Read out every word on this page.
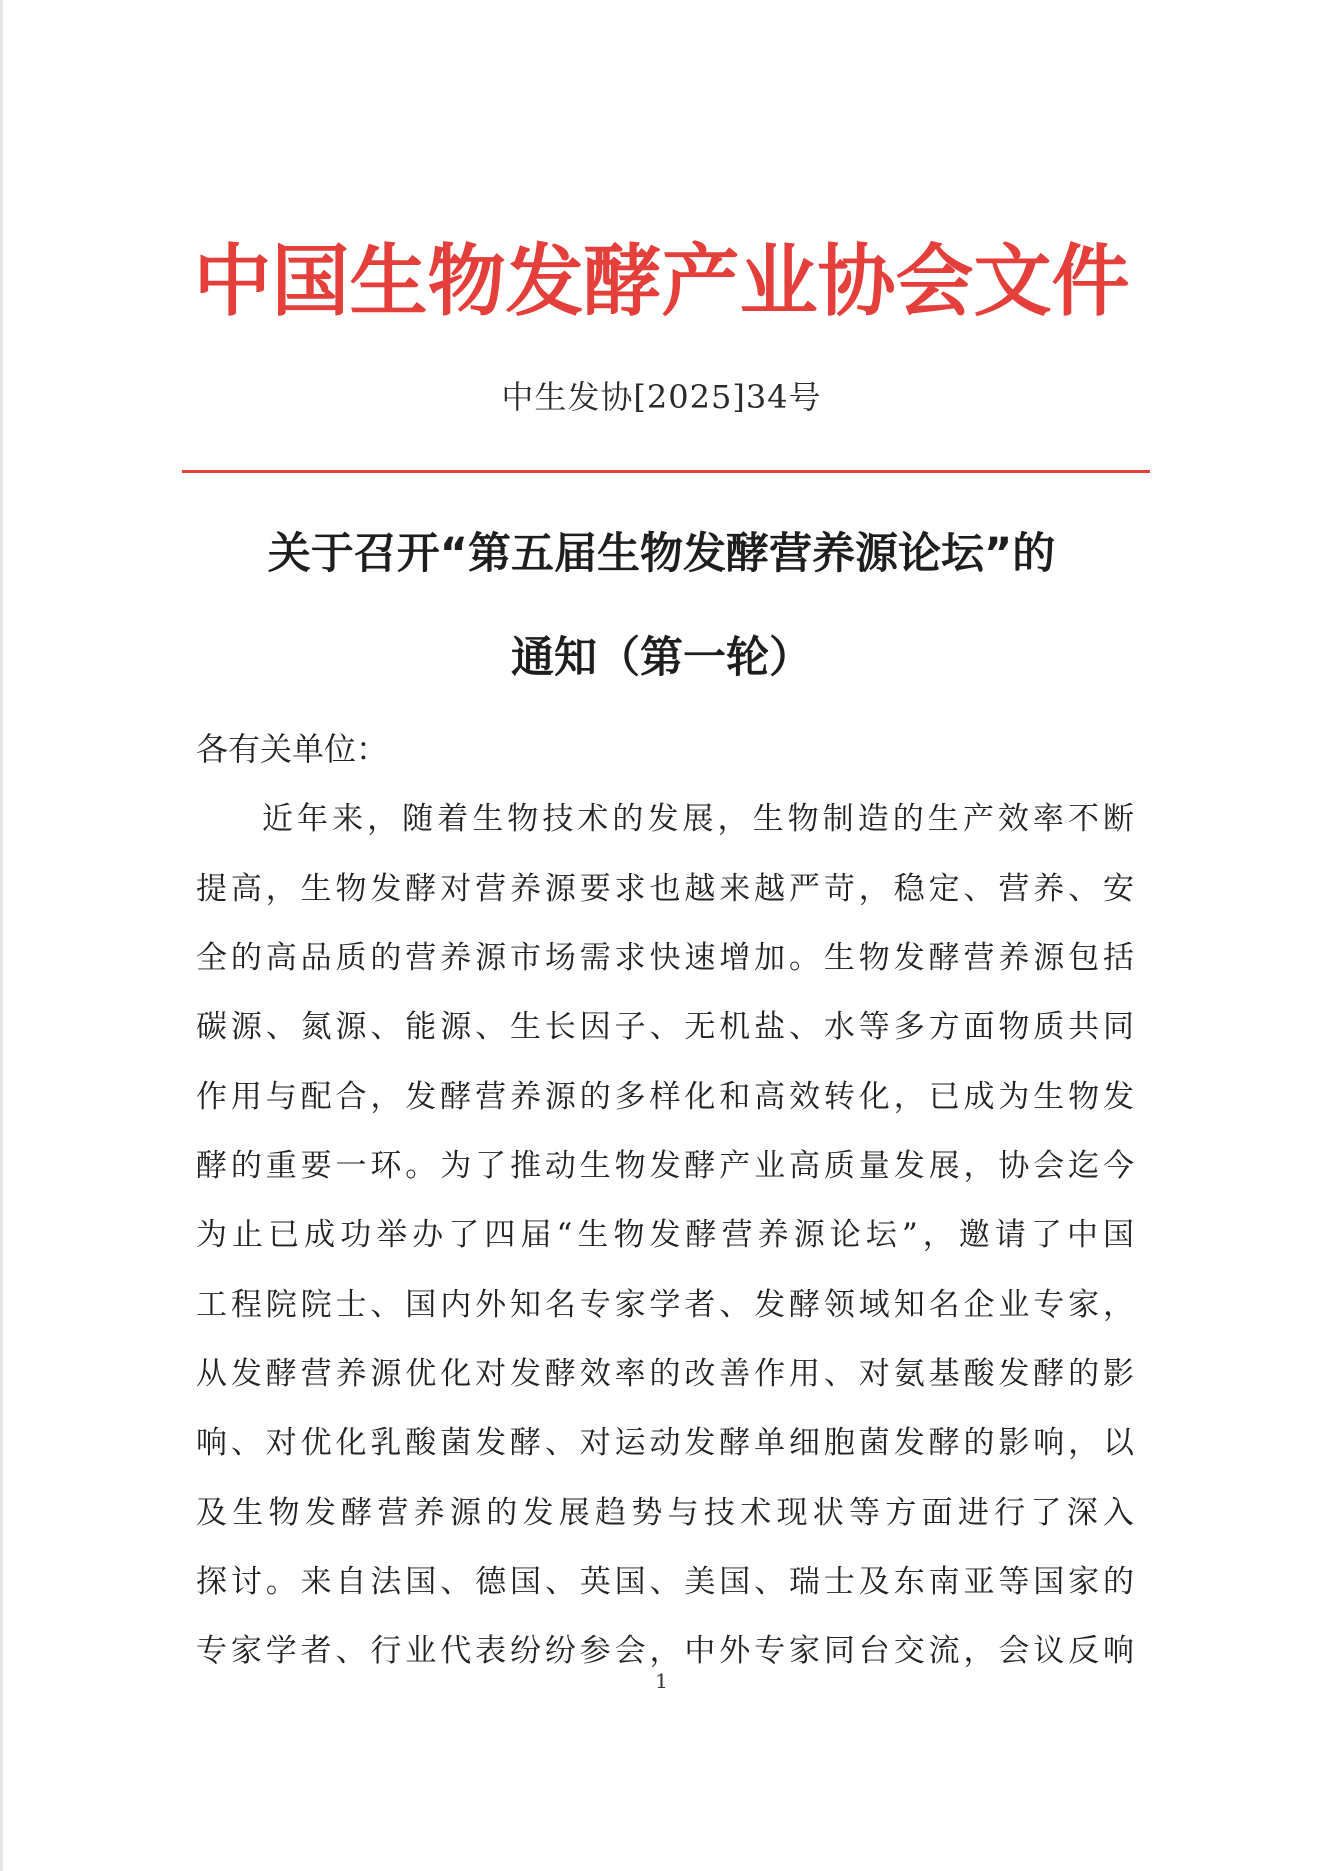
中国生物发酵产业协会文件
中生发协[2025]34号
关于召开“第五届生物发酵营养源论坛”的
通知（第一轮）
各有关单位：
近年来，随着生物技术的发展，生物制造的生产效率不断
提高，生物发酵对营养源要求也越来越严苛，稳定、营养、安
全的高品质的营养源市场需求快速增加。生物发酵营养源包括
碳源、氮源、能源、生长因子、无机盐、水等多方面物质共同
作用与配合，发酵营养源的多样化和高效转化，已成为生物发
酵的重要一环。为了推动生物发酵产业高质量发展，协会迄今
为止已成功举办了四届“生物发酵营养源论坛”，邀请了中国
工程院院士、国内外知名专家学者、发酵领域知名企业专家，
从发酵营养源优化对发酵效率的改善作用、对氨基酸发酵的影
响、对优化乳酸菌发酵、对运动发酵单细胞菌发酵的影响，以
及生物发酵营养源的发展趋势与技术现状等方面进行了深入
探讨。来自法国、德国、英国、美国、瑞士及东南亚等国家的
专家学者、行业代表纷纷参会，中外专家同台交流，会议反响
1
